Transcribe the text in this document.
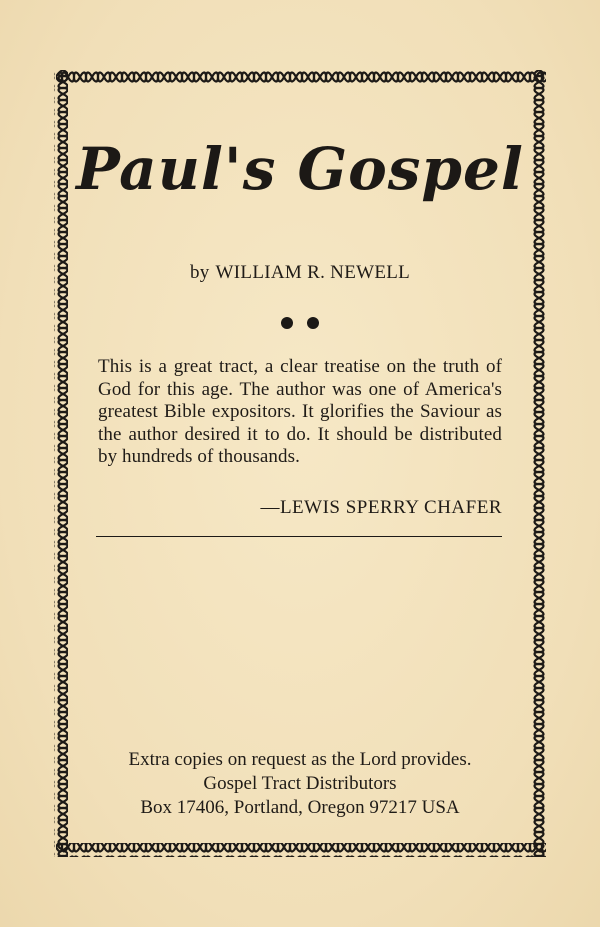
Paul's Gospel
by WILLIAM R. NEWELL
This is a great tract, a clear treatise on the truth of God for this age. The author was one of America's greatest Bible expositors. It glorifies the Saviour as the author desired it to do. It should be distributed by hundreds of thousands.
—LEWIS SPERRY CHAFER
Extra copies on request as the Lord provides.
Gospel Tract Distributors
Box 17406, Portland, Oregon 97217 USA
